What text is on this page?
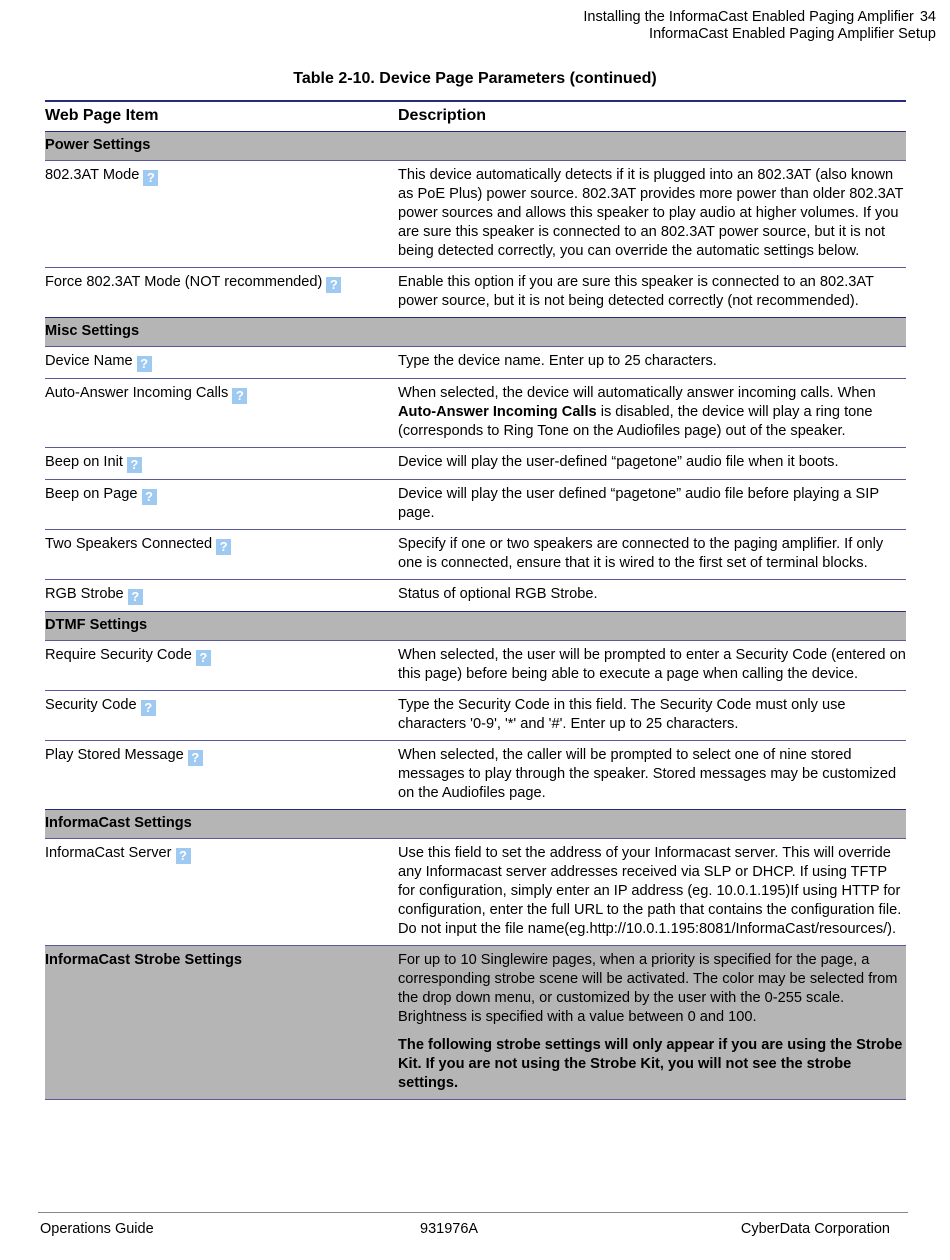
Installing the InformaCast Enabled Paging Amplifier 34
InformaCast Enabled Paging Amplifier Setup
Table 2-10. Device Page Parameters (continued)
Web Page Item	Description
Power Settings	
802.3AT Mode ?	This device automatically detects if it is plugged into an 802.3AT (also known as PoE Plus) power source. 802.3AT provides more power than older 802.3AT power sources and allows this speaker to play audio at higher volumes. If you are sure this speaker is connected to an 802.3AT power source, but it is not being detected correctly, you can override the automatic settings below.
Force 802.3AT Mode (NOT recommended) ?	Enable this option if you are sure this speaker is connected to an 802.3AT power source, but it is not being detected correctly (not recommended).
Misc Settings	
Device Name ?	Type the device name. Enter up to 25 characters.
Auto-Answer Incoming Calls ?	When selected, the device will automatically answer incoming calls. When Auto-Answer Incoming Calls is disabled, the device will play a ring tone (corresponds to Ring Tone on the Audiofiles page) out of the speaker.
Beep on Init ?	Device will play the user-defined “pagetone” audio file when it boots.
Beep on Page ?	Device will play the user defined “pagetone” audio file before playing a SIP page.
Two Speakers Connected ?	Specify if one or two speakers are connected to the paging amplifier. If only one is connected, ensure that it is wired to the first set of terminal blocks.
RGB Strobe ?	Status of optional RGB Strobe.
DTMF Settings	
Require Security Code ?	When selected, the user will be prompted to enter a Security Code (entered on this page) before being able to execute a page when calling the device.
Security Code ?	Type the Security Code in this field. The Security Code must only use characters '0-9', '*' and '#'. Enter up to 25 characters.
Play Stored Message ?	When selected, the caller will be prompted to select one of nine stored messages to play through the speaker. Stored messages may be customized on the Audiofiles page.
InformaCast Settings	
InformaCast Server ?	Use this field to set the address of your Informacast server. This will override any Informacast server addresses received via SLP or DHCP. If using TFTP for configuration, simply enter an IP address (eg. 10.0.1.195)If using HTTP for configuration, enter the full URL to the path that contains the configuration file. Do not input the file name(eg.http://10.0.1.195:8081/InformaCast/resources/).
InformaCast Strobe Settings	For up to 10 Singlewire pages, when a priority is specified for the page, a corresponding strobe scene will be activated. The color may be selected from the drop down menu, or customized by the user with the 0-255 scale. Brightness is specified with a value between 0 and 100.
The following strobe settings will only appear if you are using the Strobe Kit. If you are not using the Strobe Kit, you will not see the strobe settings.
Operations Guide	931976A	CyberData Corporation
